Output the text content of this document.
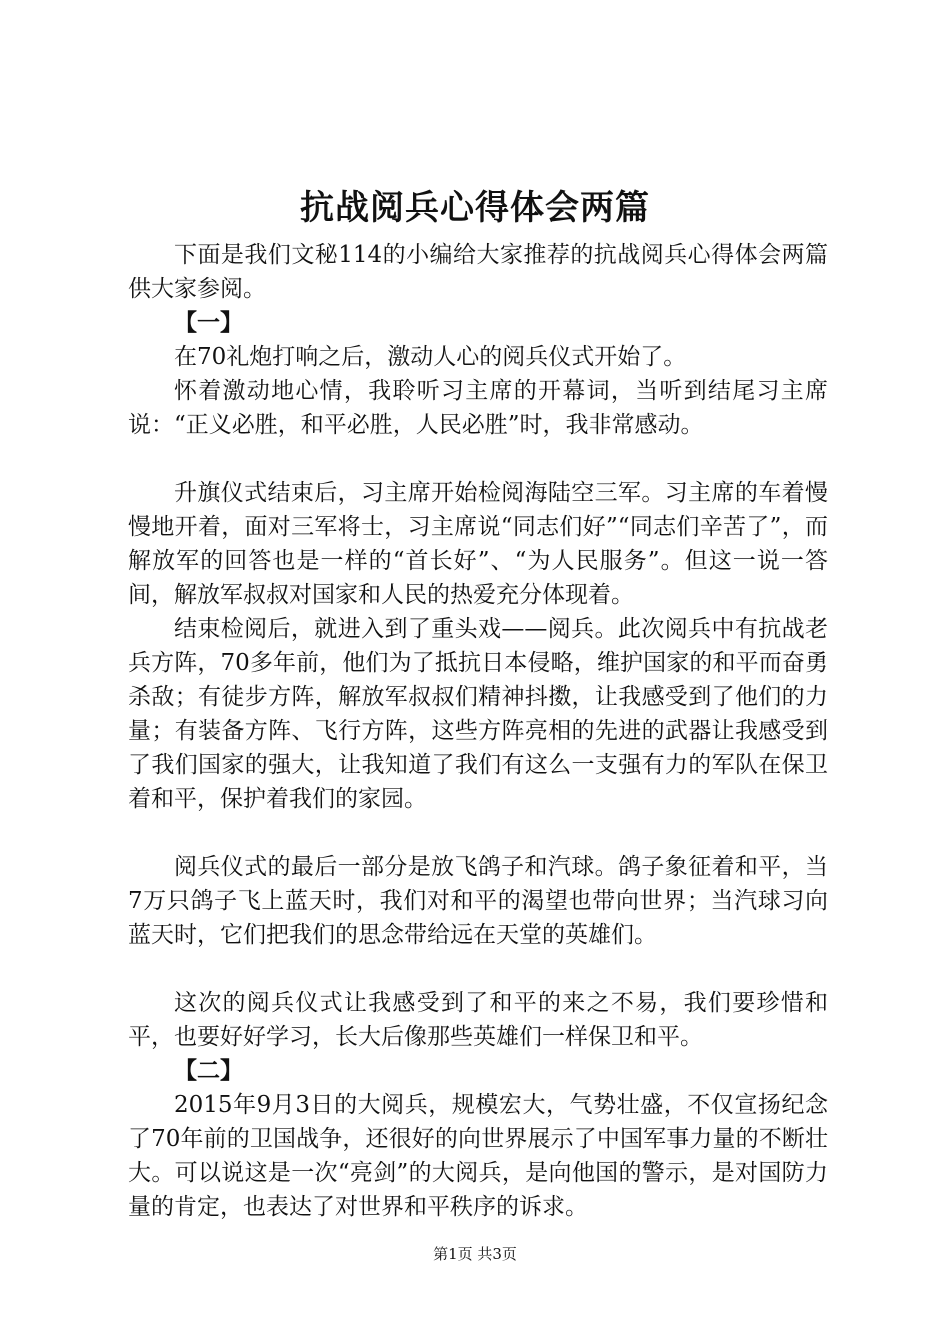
抗战阅兵心得体会两篇

下面是我们文秘114的小编给大家推荐的抗战阅兵心得体会两篇供大家参阅。

【一】

在70礼炮打响之后，激动人心的阅兵仪式开始了。

怀着激动地心情，我聆听习主席的开幕词，当听到结尾习主席说：“正义必胜，和平必胜，人民必胜”时，我非常感动。

升旗仪式结束后，习主席开始检阅海陆空三军。习主席的车着慢慢地开着，面对三军将士，习主席说“同志们好”“同志们辛苦了”，而解放军的回答也是一样的“首长好”、“为人民服务”。但这一说一答间，解放军叔叔对国家和人民的热爱充分体现着。

结束检阅后，就进入到了重头戏——阅兵。此次阅兵中有抗战老兵方阵，70多年前，他们为了抵抗日本侵略，维护国家的和平而奋勇杀敌；有徒步方阵，解放军叔叔们精神抖擞，让我感受到了他们的力量；有装备方阵、飞行方阵，这些方阵亮相的先进的武器让我感受到了我们国家的强大，让我知道了我们有这么一支强有力的军队在保卫着和平，保护着我们的家园。

阅兵仪式的最后一部分是放飞鸽子和汽球。鸽子象征着和平，当7万只鸽子飞上蓝天时，我们对和平的渴望也带向世界；当汽球习向蓝天时，它们把我们的思念带给远在天堂的英雄们。

这次的阅兵仪式让我感受到了和平的来之不易，我们要珍惜和平，也要好好学习，长大后像那些英雄们一样保卫和平。

【二】

2015年9月3日的大阅兵，规模宏大，气势壮盛，不仅宣扬纪念了70年前的卫国战争，还很好的向世界展示了中国军事力量的不断壮大。可以说这是一次“亮剑”的大阅兵，是向他国的警示，是对国防力量的肯定，也表达了对世界和平秩序的诉求。

第1页 共3页
